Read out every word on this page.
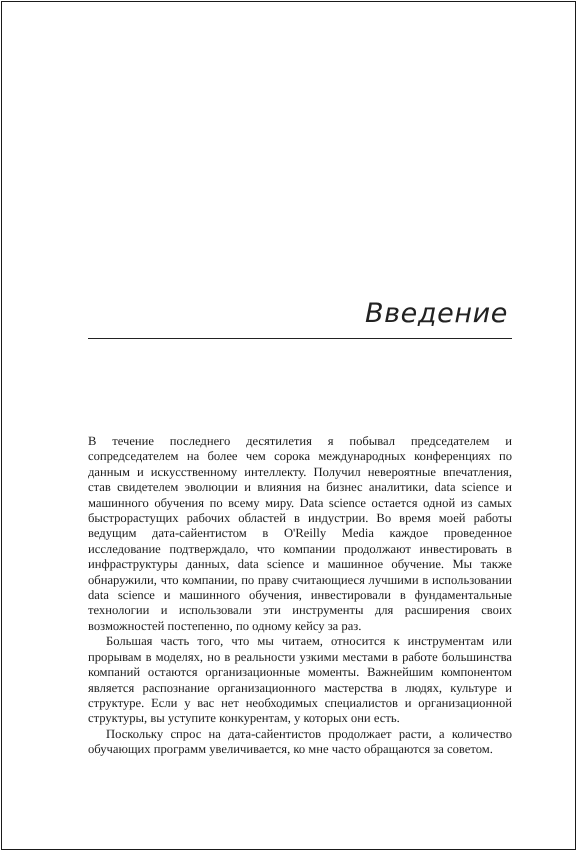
Введение

В течение последнего десятилетия я побывал председателем и сопредседателем на более чем сорока международных конференциях по данным и искусственному интеллекту. Получил невероятные впечатления, став свидетелем эволюции и влияния на бизнес аналитики, data science и машинного обучения по всему миру. Data science остается одной из самых быстрорастущих рабочих областей в индустрии. Во время моей работы ведущим дата-сайентистом в O'Reilly Media каждое проведенное исследование подтверждало, что компании продолжают инвестировать в инфраструктуры данных, data science и машинное обучение. Мы также обнаружили, что компании, по праву считающиеся лучшими в использовании data science и машинного обучения, инвестировали в фундаментальные технологии и использовали эти инструменты для расширения своих возможностей постепенно, по одному кейсу за раз.

Большая часть того, что мы читаем, относится к инструментам или прорывам в моделях, но в реальности узкими местами в работе большинства компаний остаются организационные моменты. Важнейшим компонентом является распознание организационного мастерства в людях, культуре и структуре. Если у вас нет необходимых специалистов и организационной структуры, вы уступите конкурентам, у которых они есть.

Поскольку спрос на дата-сайентистов продолжает расти, а количество обучающих программ увеличивается, ко мне часто обращаются за советом.
